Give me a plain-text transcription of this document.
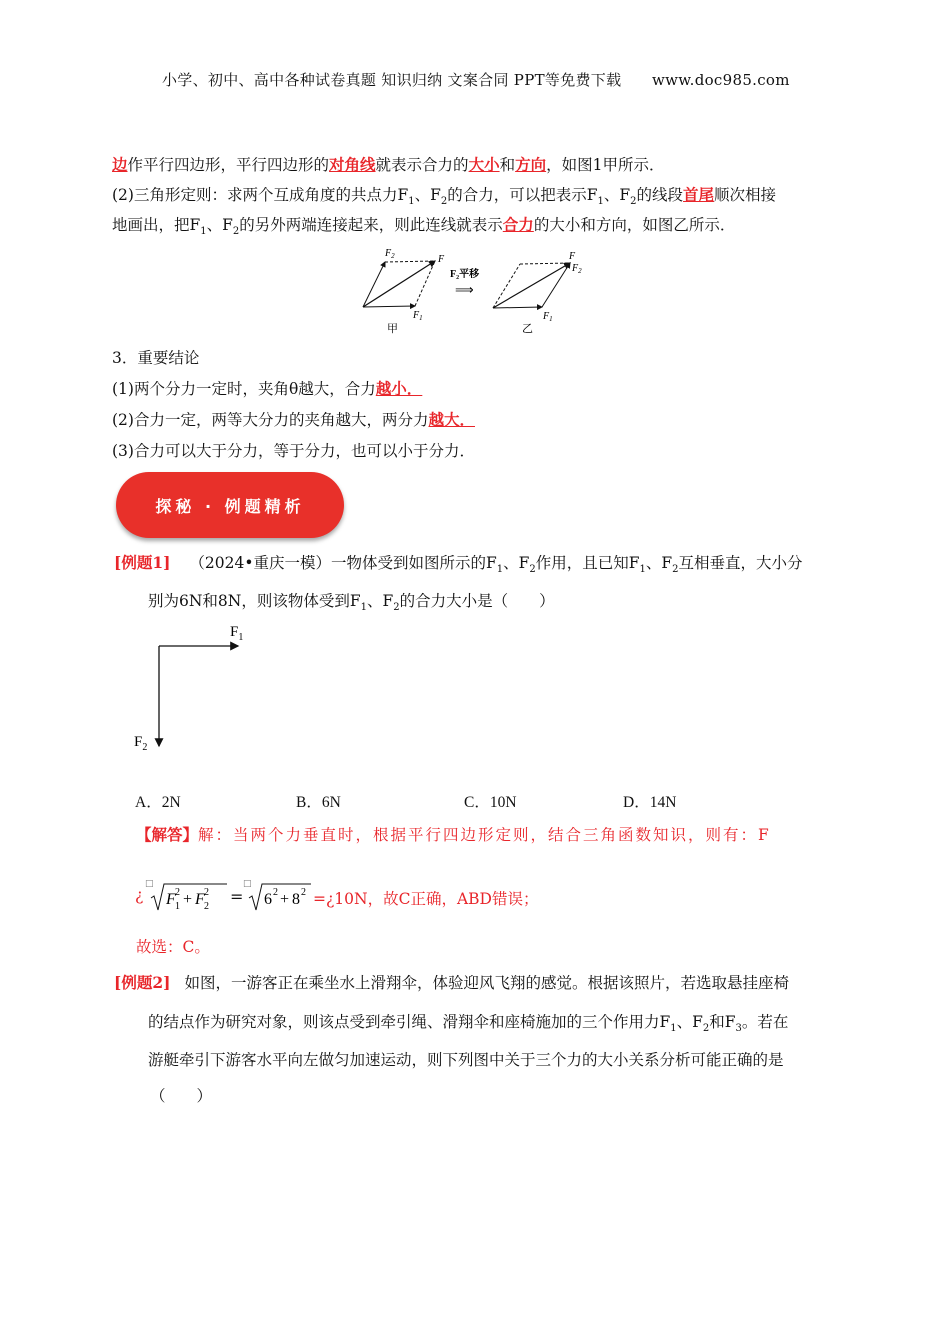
小学、初中、高中各种试卷真题 知识归纳 文案合同 PPT等免费下载　　www.doc985.com
边作平行四边形，平行四边形的对角线就表示合力的大小和方向，如图1甲所示．
(2)三角形定则：求两个互成角度的共点力$F_1$、$F_2$的合力，可以把表示$F_1$、$F_2$的线段首尾顺次相接
地画出，把$F_1$、$F_2$的另外两端连接起来，则此连线就表示合力的大小和方向，如图乙所示．
$F_2$	F
$F_1$
甲
F₂平移
⟹
F
$F_2$
$F_1$
乙
3．重要结论
(1)两个分力一定时，夹角θ越大，合力越小．
(2)合力一定，两等大分力的夹角越大，两分力越大．
(3)合力可以大于分力，等于分力，也可以小于分力．
探秘 · 例题精析
[例题1] （2024•重庆一模）一物体受到如图所示的$F_1$、$F_2$作用，且已知$F_1$、$F_2$互相垂直，大小分
别为6N和8N，则该物体受到$F_1$、$F_2$的合力大小是（　　）
$F_1$
$F_2$
A．2N	B．6N	C．10N	D．14N
【解答】解：当两个力垂直时，根据平行四边形定则，结合三角函数知识，则有：F
¿
□
F 1
2 + F 2
2 =
□
6 2 + 8 2 =¿10N，故C正确，ABD错误；
故选：C。
[例题2] 如图，一游客正在乘坐水上滑翔伞，体验迎风飞翔的感觉。根据该照片，若选取悬挂座椅
的结点作为研究对象，则该点受到牵引绳、滑翔伞和座椅施加的三个作用力$F_1$、$F_2$和$F_3$。若在
游艇牵引下游客水平向左做匀加速运动，则下列图中关于三个力的大小关系分析可能正确的是
（　　）
